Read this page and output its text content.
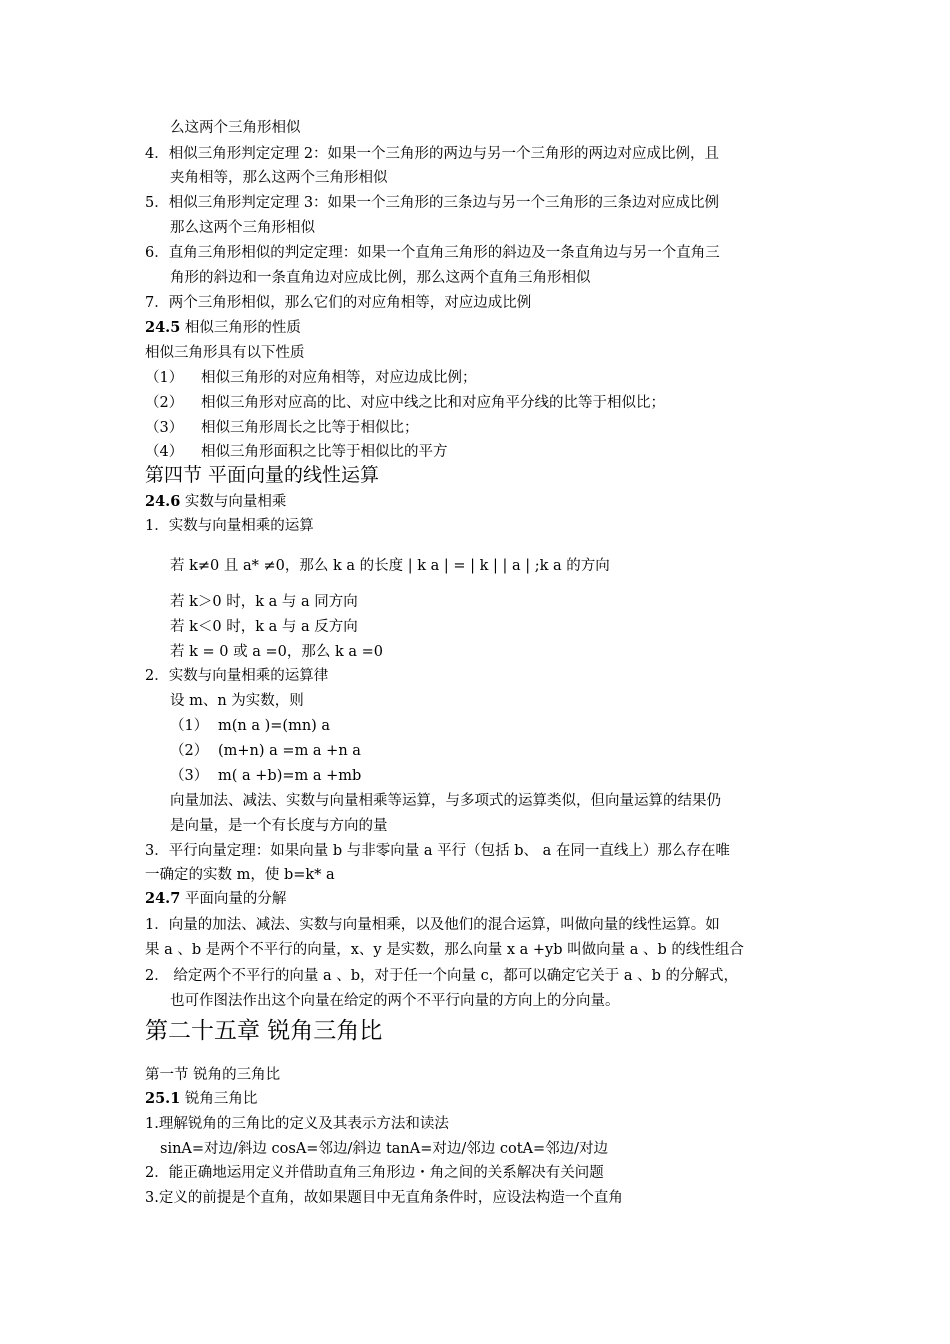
么这两个三角形相似
4．相似三角形判定定理 2：如果一个三角形的两边与另一个三角形的两边对应成比例，且
夹角相等，那么这两个三角形相似
5．相似三角形判定定理 3：如果一个三角形的三条边与另一个三角形的三条边对应成比例
那么这两个三角形相似
6．直角三角形相似的判定定理：如果一个直角三角形的斜边及一条直角边与另一个直角三
角形的斜边和一条直角边对应成比例，那么这两个直角三角形相似
7．两个三角形相似，那么它们的对应角相等，对应边成比例
24.5 相似三角形的性质
相似三角形具有以下性质
（1） 相似三角形的对应角相等，对应边成比例；
（2） 相似三角形对应高的比、对应中线之比和对应角平分线的比等于相似比；
（3） 相似三角形周长之比等于相似比；
（4） 相似三角形面积之比等于相似比的平方
第四节 平面向量的线性运算
24.6 实数与向量相乘
1．实数与向量相乘的运算
若 k≠0 且 a* ≠0，那么 k a 的长度 | k a | = | k | | a | ;k a 的方向
若 k＞0 时，k a 与 a 同方向
若 k＜0 时，k a 与 a 反方向
若 k = 0 或 a =0，那么 k a =0
2．实数与向量相乘的运算律
设 m、n 为实数，则
（1） m(n a )=(mn) a
（2） (m+n) a =m a +n a
（3） m( a +b)=m a +mb
向量加法、减法、实数与向量相乘等运算，与多项式的运算类似，但向量运算的结果仍
是向量，是一个有长度与方向的量
3．平行向量定理：如果向量 b 与非零向量 a 平行（包括 b、 a 在同一直线上）那么存在唯
一确定的实数 m，使 b=k* a
24.7 平面向量的分解
1．向量的加法、减法、实数与向量相乘，以及他们的混合运算，叫做向量的线性运算。如
果 a 、b 是两个不平行的向量，x、y 是实数，那么向量 x a +yb 叫做向量 a 、b 的线性组合
2． 给定两个不平行的向量 a 、b，对于任一个向量 c，都可以确定它关于 a 、b 的分解式，
也可作图法作出这个向量在给定的两个不平行向量的方向上的分向量。
第二十五章 锐角三角比
第一节 锐角的三角比
25.1 锐角三角比
1.理解锐角的三角比的定义及其表示方法和读法
sinA=对边/斜边 cosA=邻边/斜边 tanA=对边/邻边 cotA=邻边/对边
2．能正确地运用定义并借助直角三角形边・角之间的关系解决有关问题
3.定义的前提是个直角，故如果题目中无直角条件时，应设法构造一个直角
